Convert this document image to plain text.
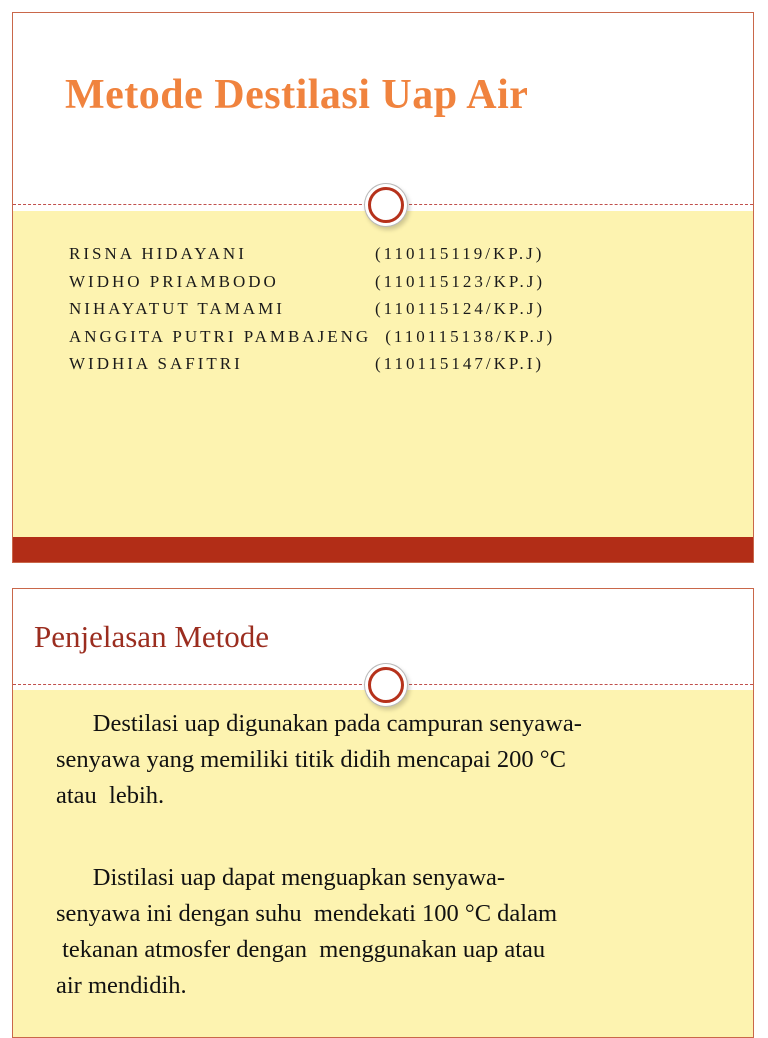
Metode Destilasi Uap Air
RISNA HIDAYANI	(110115119/KP.J)
WIDHO PRIAMBODO	(110115123/KP.J)
NIHAYATUT TAMAMI	(110115124/KP.J)
ANGGITA PUTRI PAMBAJENG (110115138/KP.J)
WIDHIA SAFITRI	(110115147/KP.I)
Penjelasan Metode

Destilasi uap digunakan pada campuran senyawa-
senyawa yang memiliki titik didih mencapai 200 °C
atau  lebih.

Distilasi uap dapat menguapkan senyawa-
senyawa ini dengan suhu  mendekati 100 °C dalam
tekanan atmosfer dengan  menggunakan uap atau
air mendidih.
